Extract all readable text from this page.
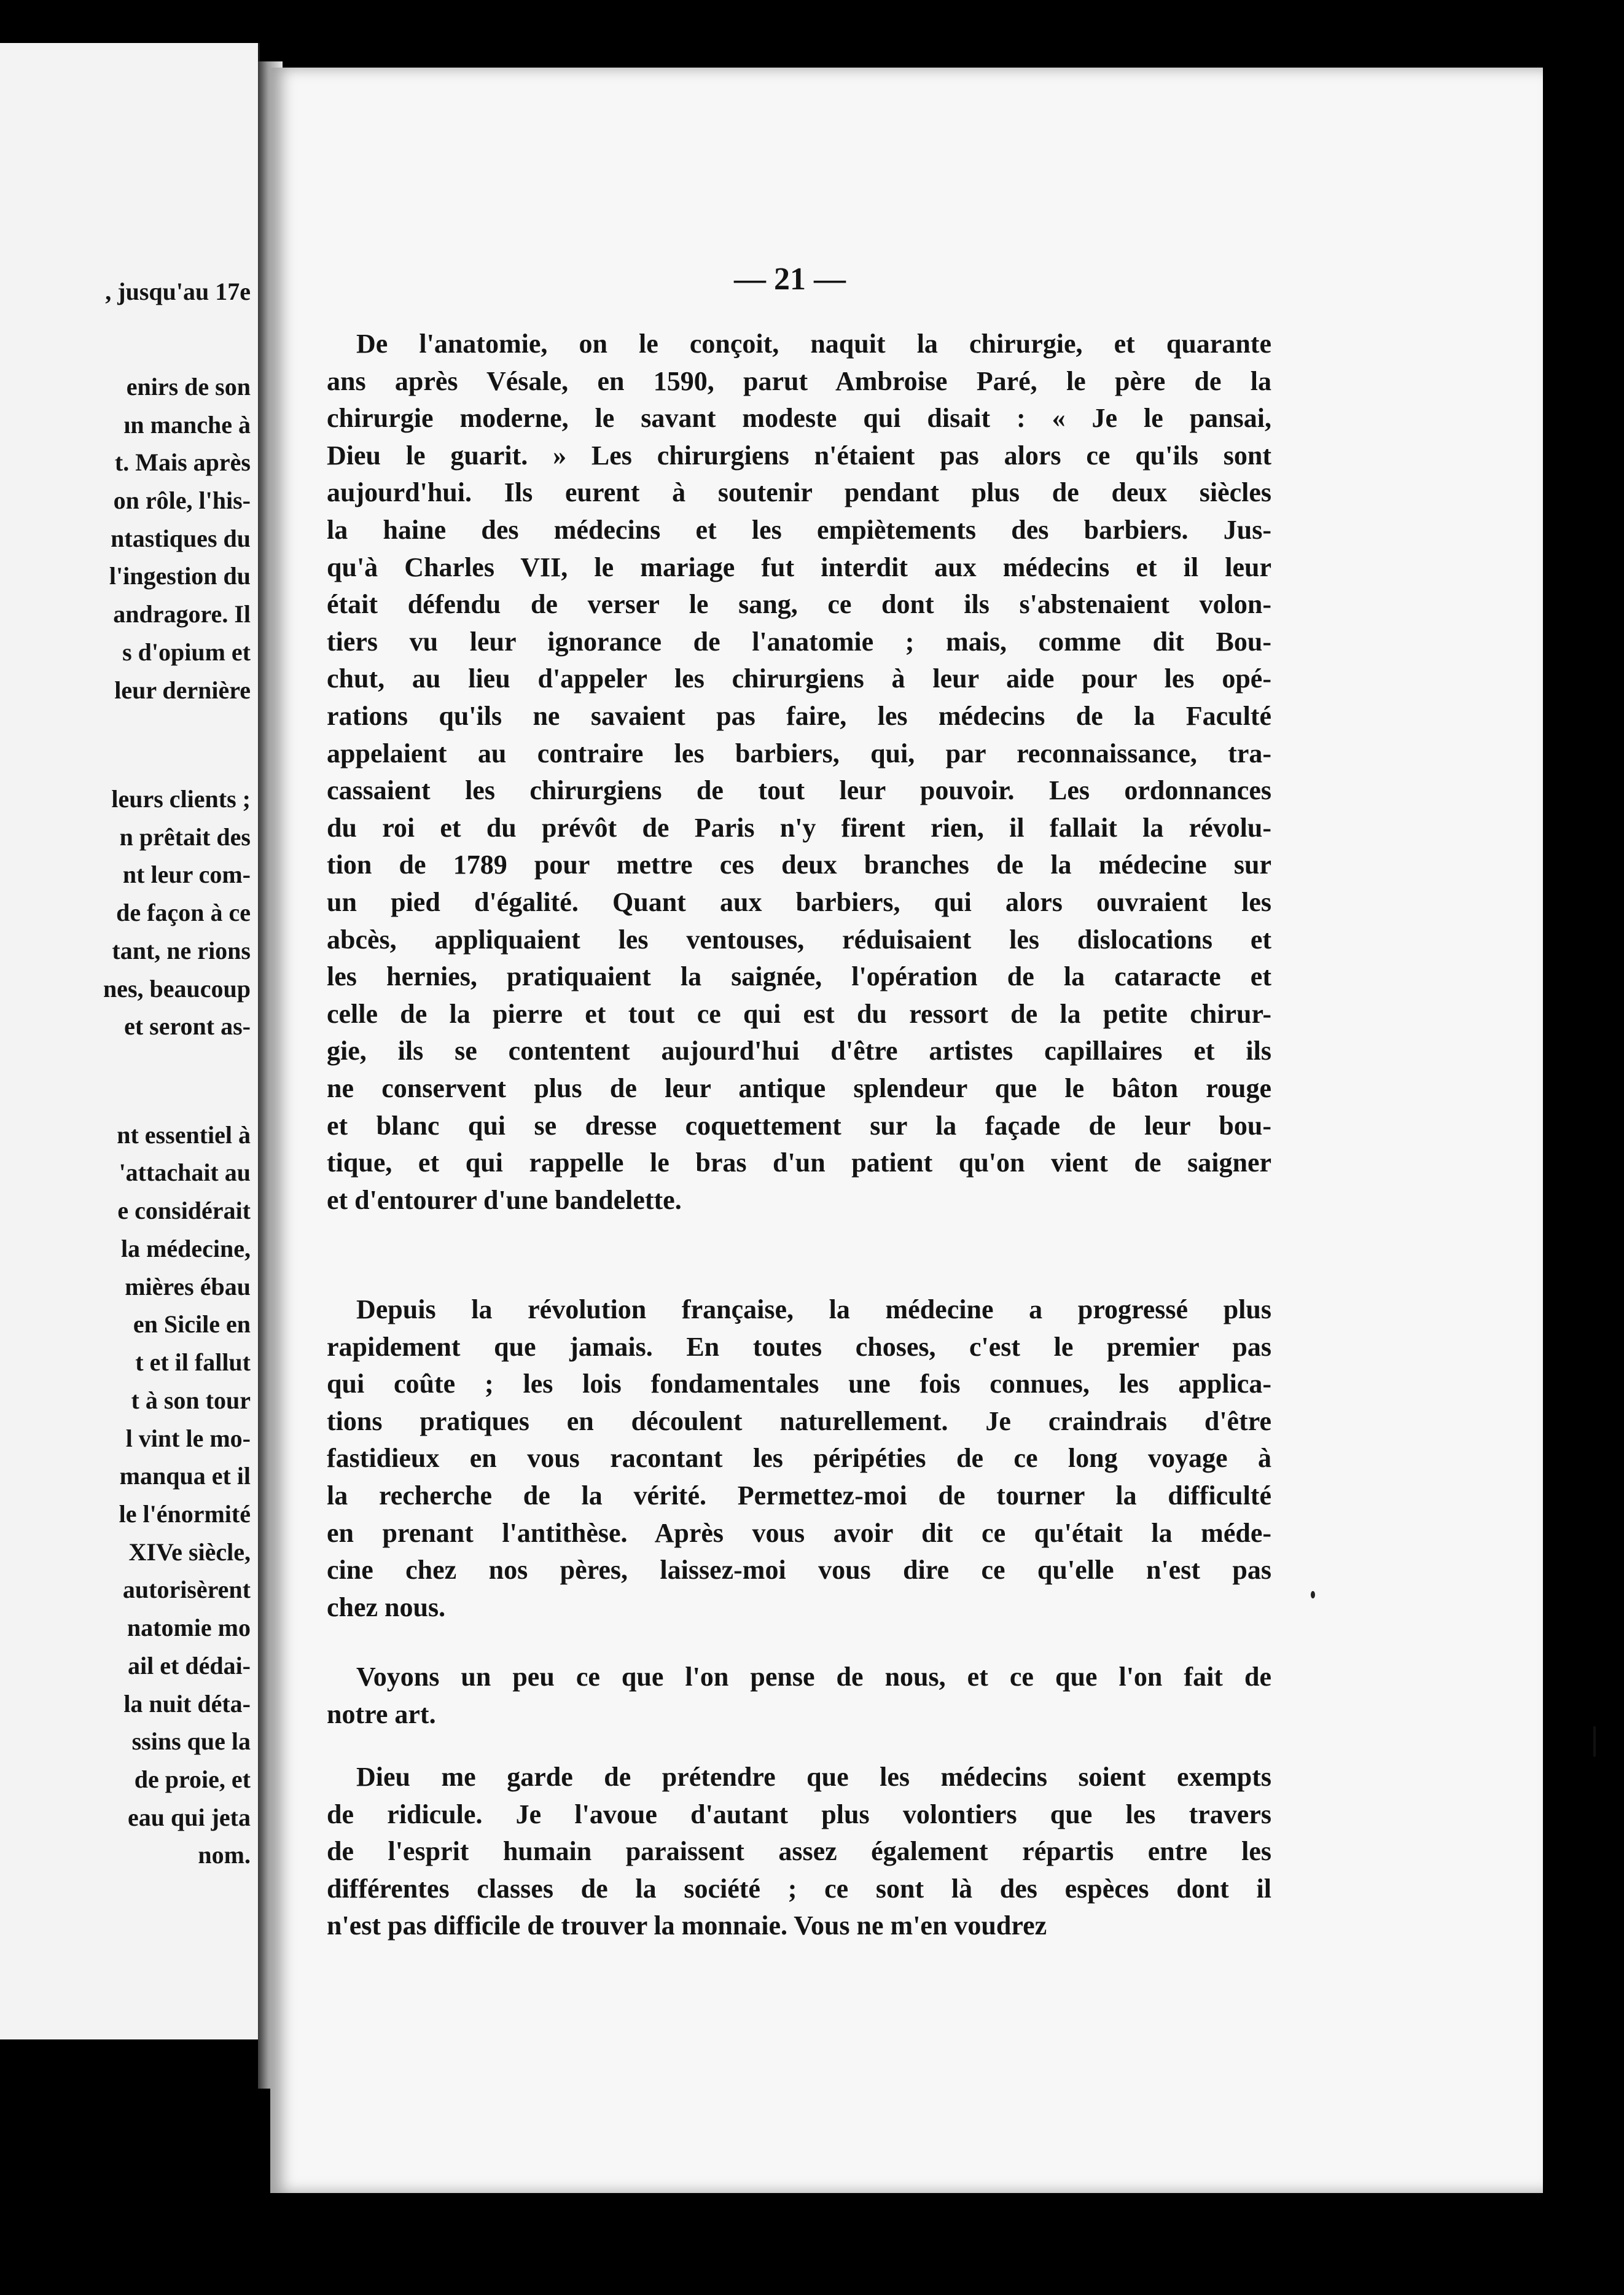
, jusqu'au 17e
enirs de son
ın manche à
t. Mais après
on rôle, l'his-
ntastiques du
l'ingestion du
andragore. Il
s d'opium et
leur dernière
leurs clients ;
n prêtait des
nt leur com-
de façon à ce
tant, ne rions
nes, beaucoup
et seront as-
nt essentiel à
'attachait au
e considérait
la médecine,
mières ébau
en Sicile en
t et il fallut
t à son tour
l vint le mo-
manqua et il
le l'énormité
XIVe siècle,
autorisèrent
natomie mo
ail et dédai-
la nuit déta-
ssins que la
de proie, et
eau qui jeta
nom.
— 21 —
De l'anatomie, on le conçoit, naquit la chirurgie, et quarante
ans après Vésale, en 1590, parut Ambroise Paré, le père de la
chirurgie moderne, le savant modeste qui disait : « Je le pansai,
Dieu le guarit. » Les chirurgiens n'étaient pas alors ce qu'ils sont
aujourd'hui. Ils eurent à soutenir pendant plus de deux siècles
la haine des médecins et les empiètements des barbiers. Jus-
qu'à Charles VII, le mariage fut interdit aux médecins et il leur
était défendu de verser le sang, ce dont ils s'abstenaient volon-
tiers vu leur ignorance de l'anatomie ; mais, comme dit Bou-
chut, au lieu d'appeler les chirurgiens à leur aide pour les opé-
rations qu'ils ne savaient pas faire, les médecins de la Faculté
appelaient au contraire les barbiers, qui, par reconnaissance, tra-
cassaient les chirurgiens de tout leur pouvoir. Les ordonnances
du roi et du prévôt de Paris n'y firent rien, il fallait la révolu-
tion de 1789 pour mettre ces deux branches de la médecine sur
un pied d'égalité. Quant aux barbiers, qui alors ouvraient les
abcès, appliquaient les ventouses, réduisaient les dislocations et
les hernies, pratiquaient la saignée, l'opération de la cataracte et
celle de la pierre et tout ce qui est du ressort de la petite chirur-
gie, ils se contentent aujourd'hui d'être artistes capillaires et ils
ne conservent plus de leur antique splendeur que le bâton rouge
et blanc qui se dresse coquettement sur la façade de leur bou-
tique, et qui rappelle le bras d'un patient qu'on vient de saigner
et d'entourer d'une bandelette.
Depuis la révolution française, la médecine a progressé plus
rapidement que jamais. En toutes choses, c'est le premier pas
qui coûte ; les lois fondamentales une fois connues, les applica-
tions pratiques en découlent naturellement. Je craindrais d'être
fastidieux en vous racontant les péripéties de ce long voyage à
la recherche de la vérité. Permettez-moi de tourner la difficulté
en prenant l'antithèse. Après vous avoir dit ce qu'était la méde-
cine chez nos pères, laissez-moi vous dire ce qu'elle n'est pas
chez nous.
Voyons un peu ce que l'on pense de nous, et ce que l'on fait de
notre art.
Dieu me garde de prétendre que les médecins soient exempts
de ridicule. Je l'avoue d'autant plus volontiers que les travers
de l'esprit humain paraissent assez également répartis entre les
différentes classes de la société ; ce sont là des espèces dont il
n'est pas difficile de trouver la monnaie. Vous ne m'en voudrez
